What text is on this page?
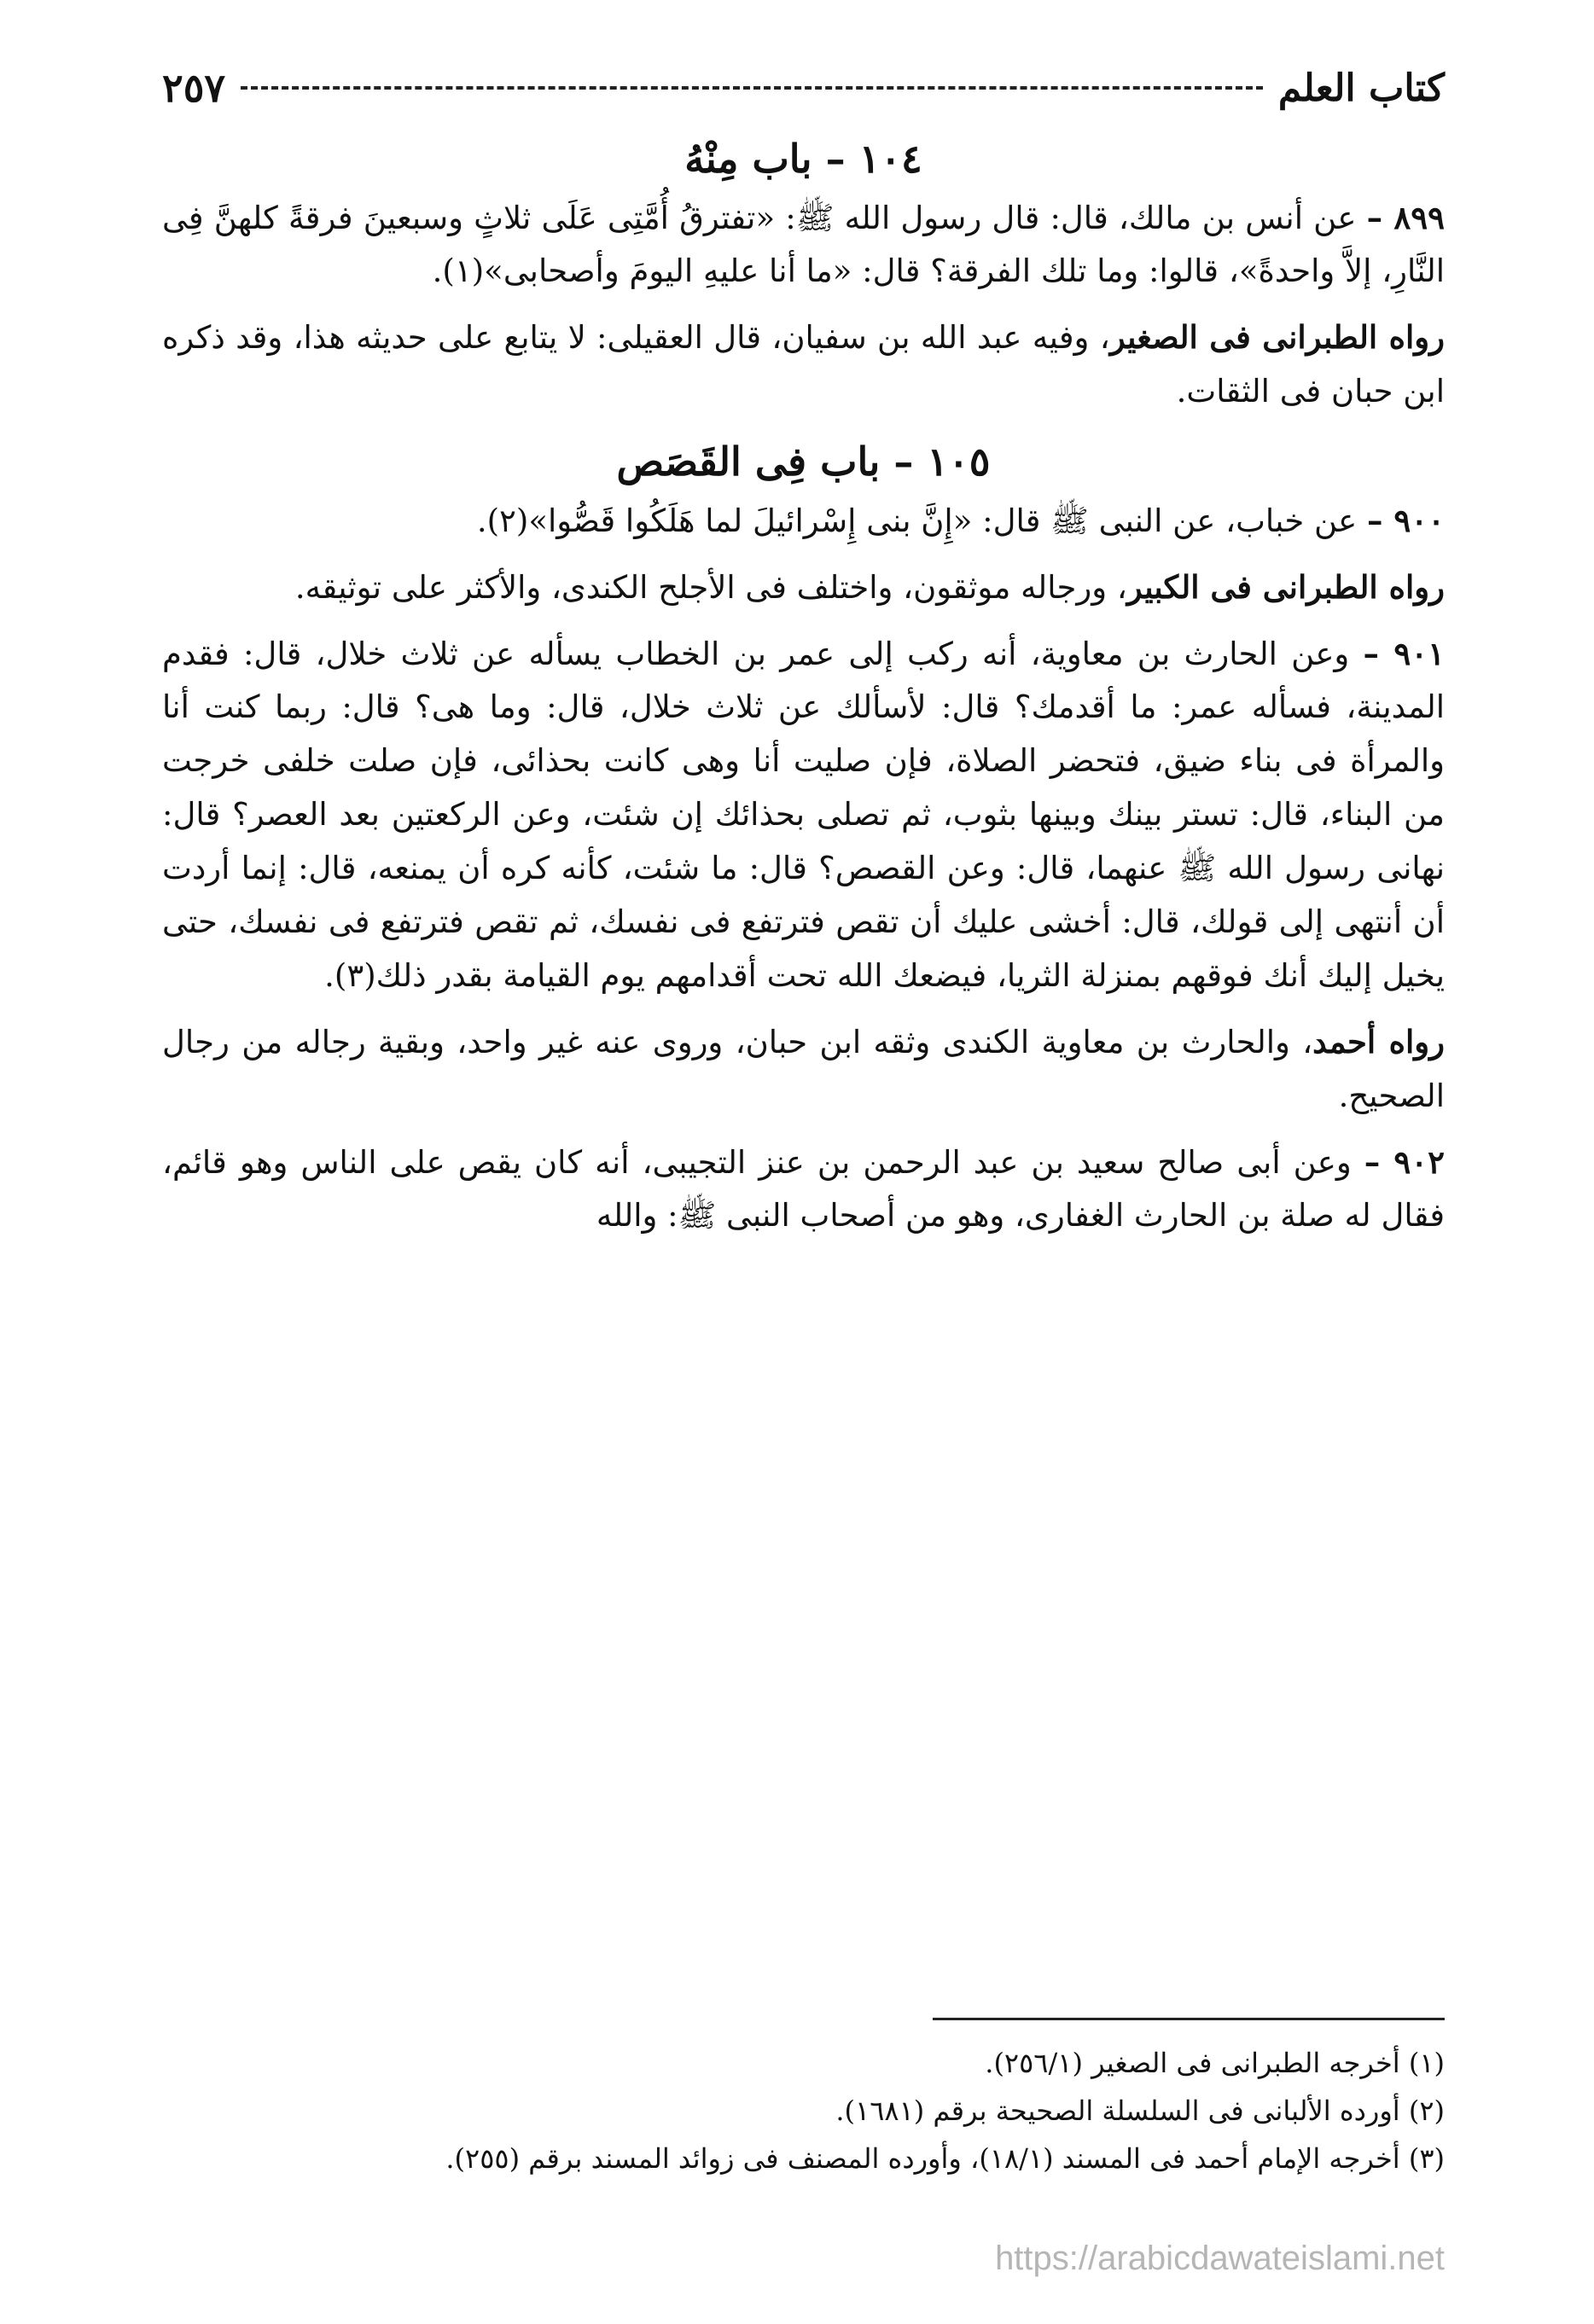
كتاب العلم
٢٥٧
١٠٤ – باب مِنْهُ

٨٩٩ – عن أنس بن مالك، قال: قال رسول الله ﷺ: «تفترقُ أُمَّتِى عَلَى ثلاثٍ وسبعينَ فرقةً كلهنَّ فِى النَّارِ، إلاَّ واحدةً»، قالوا: وما تلك الفرقة؟ قال: «ما أنا عليهِ اليومَ وأصحابى»(١).

رواه الطبرانى فى الصغير، وفيه عبد الله بن سفيان، قال العقيلى: لا يتابع على حديثه هذا، وقد ذكره ابن حبان فى الثقات.

١٠٥ – باب فِى القَصَص

٩٠٠ – عن خباب، عن النبى ﷺ قال: «إِنَّ بنى إِسْرائيلَ لما هَلَكُوا قَصُّوا»(٢).

رواه الطبرانى فى الكبير، ورجاله موثقون، واختلف فى الأجلح الكندى، والأكثر على توثيقه.

٩٠١ – وعن الحارث بن معاوية، أنه ركب إلى عمر بن الخطاب يسأله عن ثلاث خلال، قال: فقدم المدينة، فسأله عمر: ما أقدمك؟ قال: لأسألك عن ثلاث خلال، قال: وما هى؟ قال: ربما كنت أنا والمرأة فى بناء ضيق، فتحضر الصلاة، فإن صليت أنا وهى كانت بحذائى، فإن صلت خلفى خرجت من البناء، قال: تستر بينك وبينها بثوب، ثم تصلى بحذائك إن شئت، وعن الركعتين بعد العصر؟ قال: نهانى رسول الله ﷺ عنهما، قال: وعن القصص؟ قال: ما شئت، كأنه كره أن يمنعه، قال: إنما أردت أن أنتهى إلى قولك، قال: أخشى عليك أن تقص فترتفع فى نفسك، ثم تقص فترتفع فى نفسك، حتى يخيل إليك أنك فوقهم بمنزلة الثريا، فيضعك الله تحت أقدامهم يوم القيامة بقدر ذلك(٣).

رواه أحمد، والحارث بن معاوية الكندى وثقه ابن حبان، وروى عنه غير واحد، وبقية رجاله من رجال الصحيح.

٩٠٢ – وعن أبى صالح سعيد بن عبد الرحمن بن عنز التجيبى، أنه كان يقص على الناس وهو قائم، فقال له صلة بن الحارث الغفارى، وهو من أصحاب النبى ﷺ: والله

(١) أخرجه الطبرانى فى الصغير (٢٥٦/١).

(٢) أورده الألبانى فى السلسلة الصحيحة برقم (١٦٨١).

(٣) أخرجه الإمام أحمد فى المسند (١٨/١)، وأورده المصنف فى زوائد المسند برقم (٢٥٥).

https://arabicdawateislami.net
